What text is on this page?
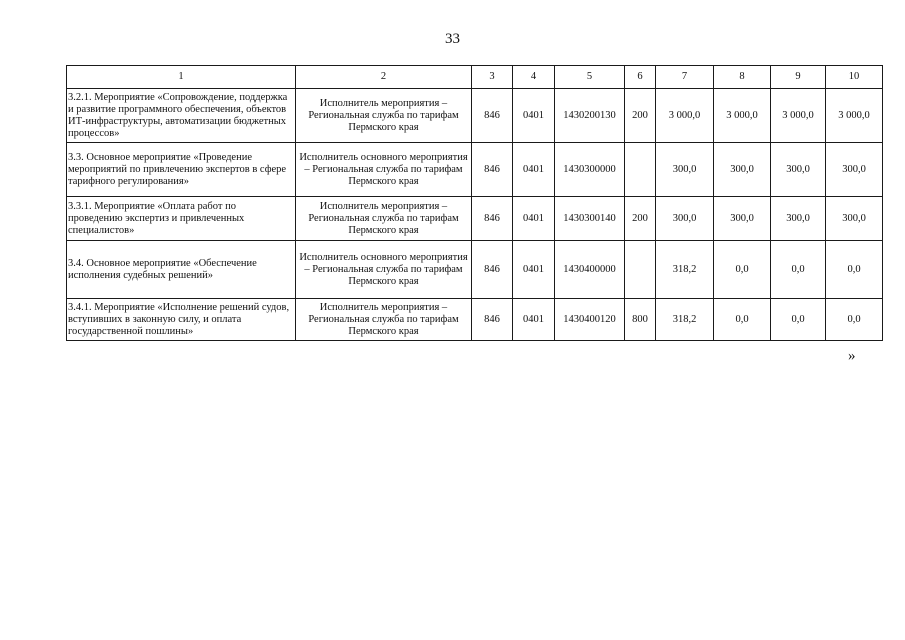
33
1	2	3	4	5	6	7	8	9	10
3.2.1. Мероприятие «Сопровождение, поддержка и развитие программного обеспечения, объектов ИТ-инфраструктуры, автоматизации бюджетных процессов»	Исполнитель мероприятия – Региональная служба по тарифам Пермского края	846	0401	1430200130	200	3 000,0	3 000,0	3 000,0	3 000,0
3.3. Основное мероприятие «Проведение мероприятий по привлечению экспертов в сфере тарифного регулирования»	Исполнитель основного мероприятия – Региональная служба по тарифам Пермского края	846	0401	1430300000		300,0	300,0	300,0	300,0
3.3.1. Мероприятие «Оплата работ по проведению экспертиз и привлеченных специалистов»	Исполнитель мероприятия – Региональная служба по тарифам Пермского края	846	0401	1430300140	200	300,0	300,0	300,0	300,0
3.4. Основное мероприятие «Обеспечение исполнения судебных решений»	Исполнитель основного мероприятия – Региональная служба по тарифам Пермского края	846	0401	1430400000		318,2	0,0	0,0	0,0
3.4.1. Мероприятие «Исполнение решений судов, вступивших в законную силу, и оплата государственной пошлины»	Исполнитель мероприятия – Региональная служба по тарифам Пермского края	846	0401	1430400120	800	318,2	0,0	0,0	0,0
»
